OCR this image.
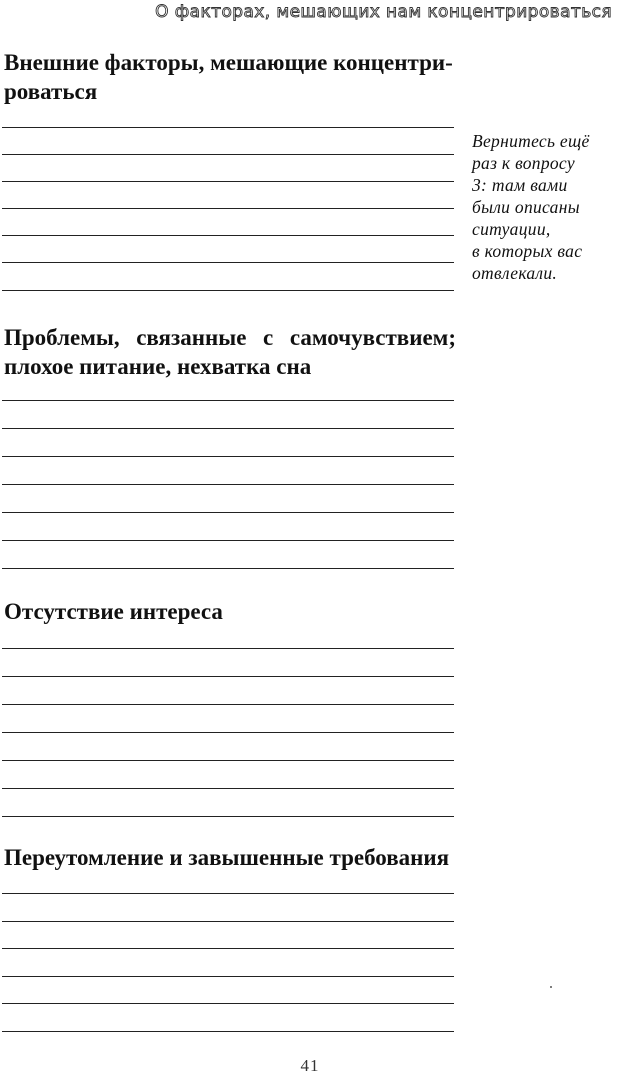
О факторах, мешающих нам концентрироваться
Внешние факторы, мешающие концентри-
роваться

Вернитесь ещё
раз к вопросу
3: там вами
были описаны
ситуации,
в которых вас
отвлекали.

Проблемы, связанные с самочувствием; плохое питание, нехватка сна
Отсутствие интереса
Переутомление и завышенные требования
41
